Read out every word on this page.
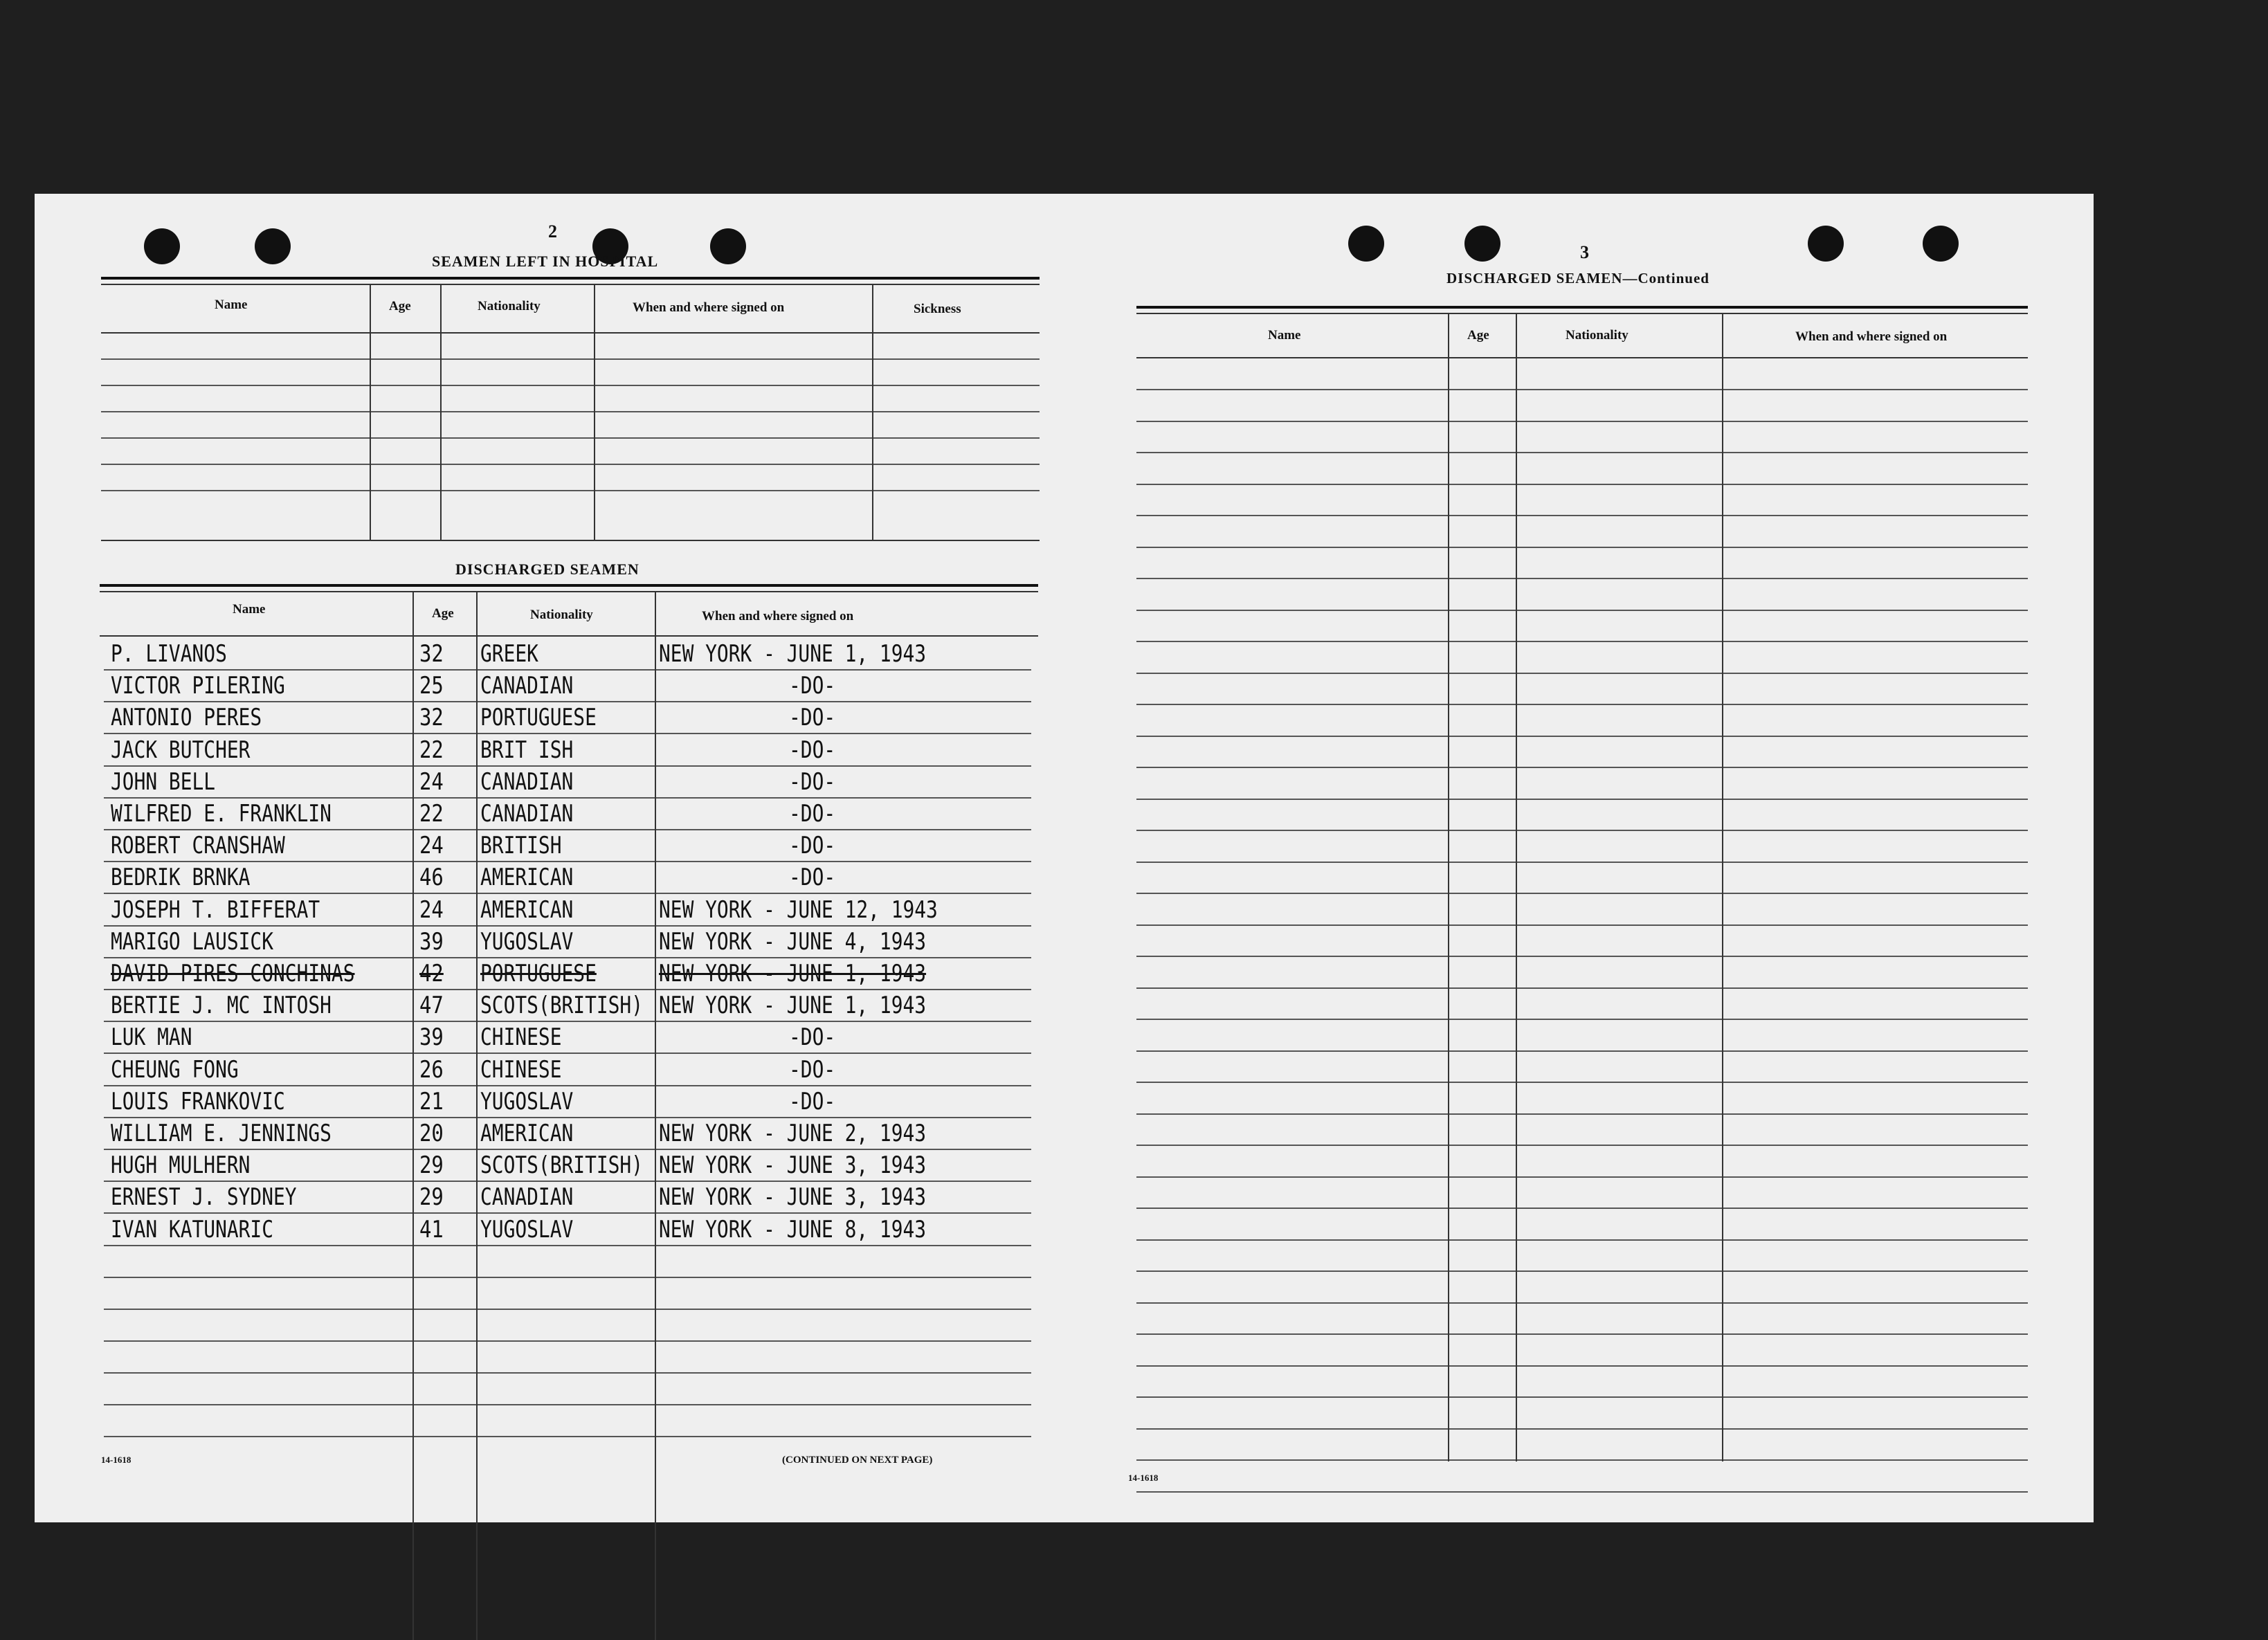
2
SEAMEN LEFT IN HOSPITAL
Name	Age	Nationality	When and where signed on	Sickness
DISCHARGED SEAMEN
Name	Age	Nationality	When and where signed on
P. LIVANOS	32 GREEK	NEW YORK - JUNE 1, 1943
VICTOR PILERING	25 CANADIAN	-DO-
ANTONIO PERES	32 PORTUGUESE	-DO-
JACK BUTCHER	22 BRIT ISH	-DO-
JOHN BELL	24 CANADIAN	-DO-
WILFRED E. FRANKLIN	22 CANADIAN	-DO-
ROBERT CRANSHAW	24 BRITISH	-DO-
BEDRIK BRNKA	46 AMERICAN	-DO-
JOSEPH T. BIFFERAT	24 AMERICAN	NEW YORK - JUNE 12, 1943
MARIGO LAUSICK	39 YUGOSLAV	NEW YORK - JUNE 4, 1943
DAVID PIRES CONCHINAS	42 PORTUGUESE	NEW YORK - JUNE 1, 1943
BERTIE J. MC INTOSH	47 SCOTS(BRITISH) NEW YORK - JUNE 1, 1943
LUK MAN	39 CHINESE	-DO-
CHEUNG FONG	26 CHINESE	-DO-
LOUIS FRANKOVIC	21 YUGOSLAV	-DO-
WILLIAM E. JENNINGS	20 AMERICAN	NEW YORK - JUNE 2, 1943
HUGH MULHERN	29 SCOTS(BRITISH) NEW YORK - JUNE 3, 1943
ERNEST J. SYDNEY	29 CANADIAN	NEW YORK - JUNE 3, 1943
IVAN KATUNARIC	41 YUGOSLAV	NEW YORK - JUNE 8, 1943
14-1618	(CONTINUED ON NEXT PAGE)
3
DISCHARGED SEAMEN—Continued
Name	Age	Nationality	When and where signed on
14-1618
